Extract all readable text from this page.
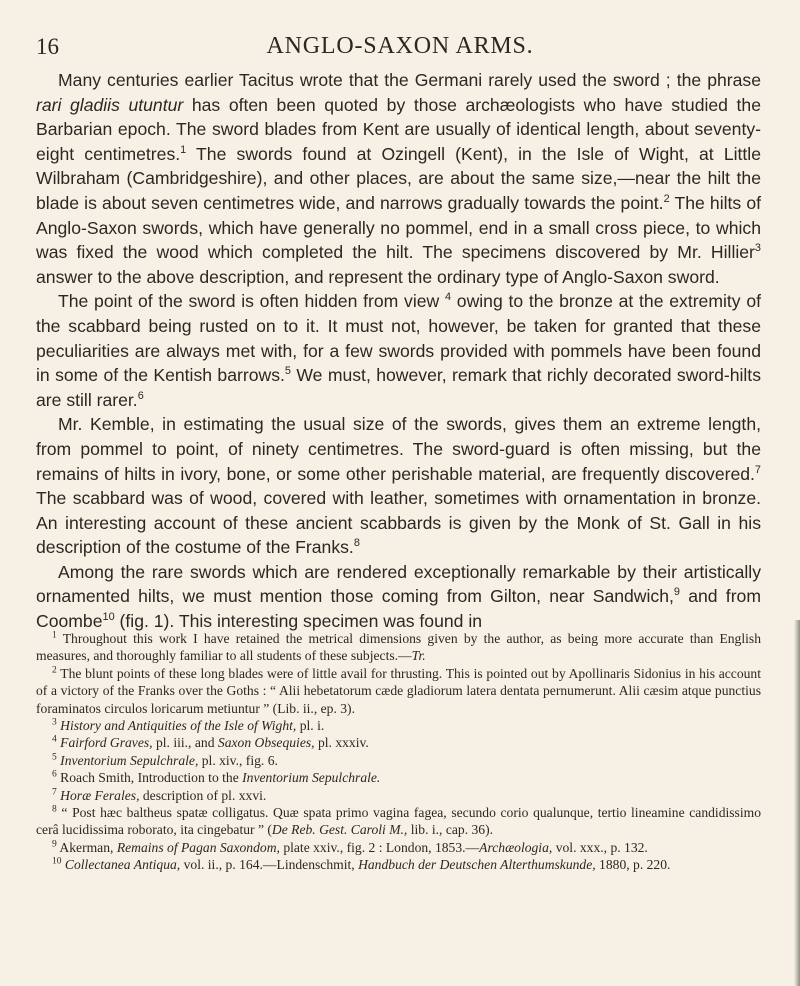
16	ANGLO-SAXON ARMS.

Many centuries earlier Tacitus wrote that the Germani rarely used the sword ; the phrase rari gladiis utuntur has often been quoted by those archæologists who have studied the Barbarian epoch. The sword blades from Kent are usually of identical length, about seventy-eight centimetres.$^1$ The swords found at Ozingell (Kent), in the Isle of Wight, at Little Wilbraham (Cambridgeshire), and other places, are about the same size,—near the hilt the blade is about seven centimetres wide, and narrows gradually towards the point.$^2$ The hilts of Anglo-Saxon swords, which have generally no pommel, end in a small cross piece, to which was fixed the wood which completed the hilt. The specimens discovered by Mr. Hillier$^3$ answer to the above description, and represent the ordinary type of Anglo-Saxon sword.

The point of the sword is often hidden from view $^4$ owing to the bronze at the extremity of the scabbard being rusted on to it. It must not, however, be taken for granted that these peculiarities are always met with, for a few swords provided with pommels have been found in some of the Kentish barrows.$^5$ We must, however, remark that richly decorated sword-hilts are still rarer.$^6$

Mr. Kemble, in estimating the usual size of the swords, gives them an extreme length, from pommel to point, of ninety centimetres. The sword-guard is often missing, but the remains of hilts in ivory, bone, or some other perishable material, are frequently discovered.$^7$ The scabbard was of wood, covered with leather, sometimes with ornamentation in bronze. An interesting account of these ancient scabbards is given by the Monk of St. Gall in his description of the costume of the Franks.$^8$

Among the rare swords which are rendered exceptionally remarkable by their artistically ornamented hilts, we must mention those coming from Gilton, near Sandwich,$^9$ and from Coombe$^{10}$ (fig. 1). This interesting specimen was found in

$^1$ Throughout this work I have retained the metrical dimensions given by the author, as being more accurate than English measures, and thoroughly familiar to all students of these subjects.—Tr.

$^2$ The blunt points of these long blades were of little avail for thrusting. This is pointed out by Apollinaris Sidonius in his account of a victory of the Franks over the Goths : “ Alii hebetatorum cæde gladiorum latera dentata pernumerunt. Alii cæsim atque punctius foraminatos circulos loricarum metiuntur ” (Lib. ii., ep. 3).

$^3$ History and Antiquities of the Isle of Wight, pl. i.

$^4$ Fairford Graves, pl. iii., and Saxon Obsequies, pl. xxxiv.

$^5$ Inventorium Sepulchrale, pl. xiv., fig. 6.

$^6$ Roach Smith, Introduction to the Inventorium Sepulchrale.

$^7$ Horæ Ferales, description of pl. xxvi.

$^8$ “ Post hæc baltheus spatæ colligatus. Quæ spata primo vagina fagea, secundo corio qualunque, tertio lineamine candidissimo cerâ lucidissima roborato, ita cingebatur ” (De Reb. Gest. Caroli M., lib. i., cap. 36).

$^9$ Akerman, Remains of Pagan Saxondom, plate xxiv., fig. 2 : London, 1853.—Archæologia, vol. xxx., p. 132.

$^{10}$ Collectanea Antiqua, vol. ii., p. 164.—Lindenschmit, Handbuch der Deutschen Alterthumskunde, 1880, p. 220.
